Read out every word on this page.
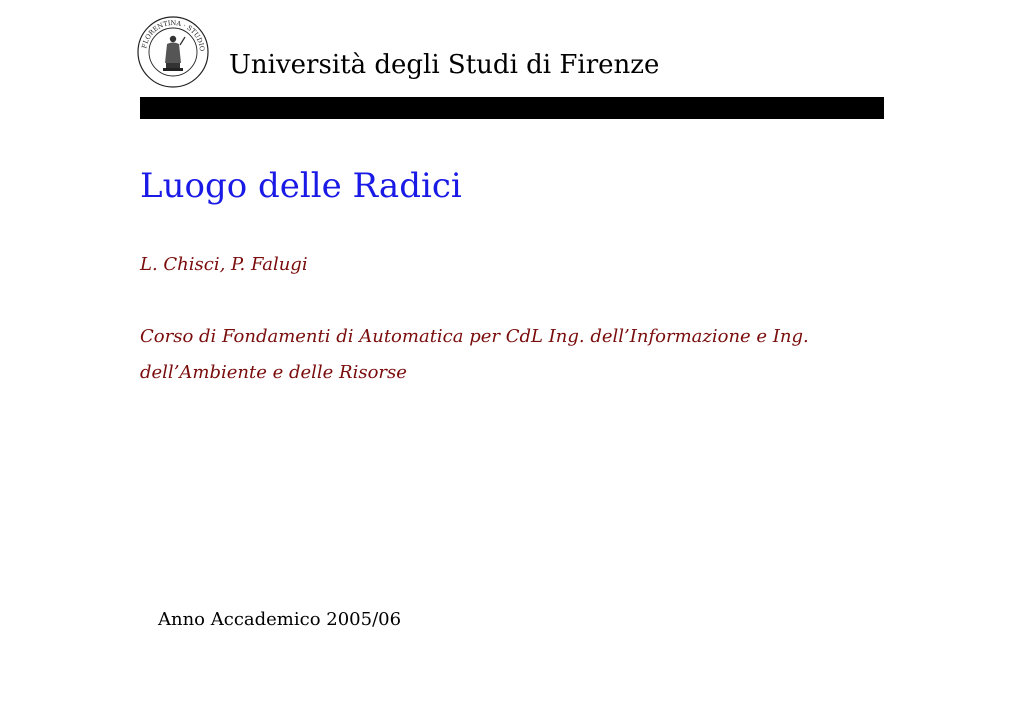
FLORENTINA · STUDIO
Università degli Studi di Firenze
Luogo delle Radici
L. Chisci, P. Falugi
Corso di Fondamenti di Automatica per CdL Ing. dell’Informazione e Ing. dell’Ambiente e delle Risorse
Anno Accademico 2005/06
